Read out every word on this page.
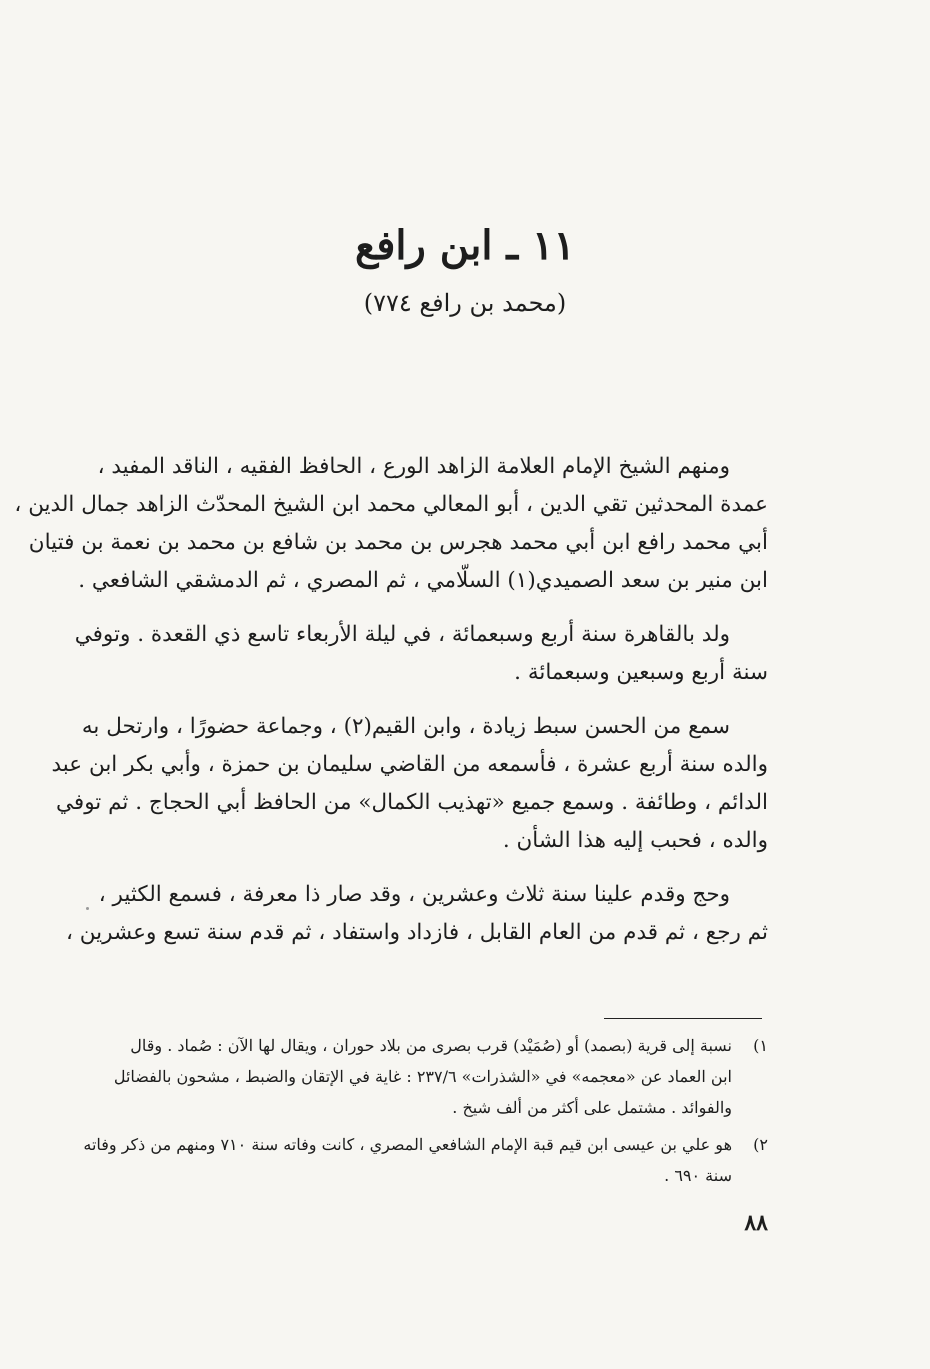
١١ ـ ابن رافع
(محمد بن رافع ٧٧٤)

ومنهم الشيخ الإمام العلامة الزاهد الورع ، الحافظ الفقيه ، الناقد المفيد ،
عمدة المحدثين تقي الدين ، أبو المعالي محمد ابن الشيخ المحدّث الزاهد جمال الدين ،
أبي محمد رافع ابن أبي محمد هجرس بن محمد بن شافع بن محمد بن نعمة بن فتيان
ابن منير بن سعد الصميدي(١) السلّامي ، ثم المصري ، ثم الدمشقي الشافعي .

ولد بالقاهرة سنة أربع وسبعمائة ، في ليلة الأربعاء تاسع ذي القعدة . وتوفي
سنة أربع وسبعين وسبعمائة .

سمع من الحسن سبط زيادة ، وابن القيم(٢) ، وجماعة حضورًا ، وارتحل به
والده سنة أربع عشرة ، فأسمعه من القاضي سليمان بن حمزة ، وأبي بكر ابن عبد
الدائم ، وطائفة . وسمع جميع «تهذيب الكمال» من الحافظ أبي الحجاج . ثم توفي
والده ، فحبب إليه هذا الشأن .

وحج وقدم علينا سنة ثلاث وعشرين ، وقد صار ذا معرفة ، فسمع الكثير ،
ثم رجع ، ثم قدم من العام القابل ، فازداد واستفاد ، ثم قدم سنة تسع وعشرين ،

١)نسبة إلى قرية (بصمد) أو (صُمَيْد) قرب بصرى من بلاد حوران ، ويقال لها الآن : صُماد . وقال
ابن العماد عن «معجمه» في «الشذرات» ٢٣٧/٦ : غاية في الإتقان والضبط ، مشحون بالفضائل
والفوائد . مشتمل على أكثر من ألف شيخ .
٢)هو علي بن عيسى ابن قيم قبة الإمام الشافعي المصري ، كانت وفاته سنة ٧١٠ ومنهم من ذكر وفاته
سنة ٦٩٠ .
٨٨
